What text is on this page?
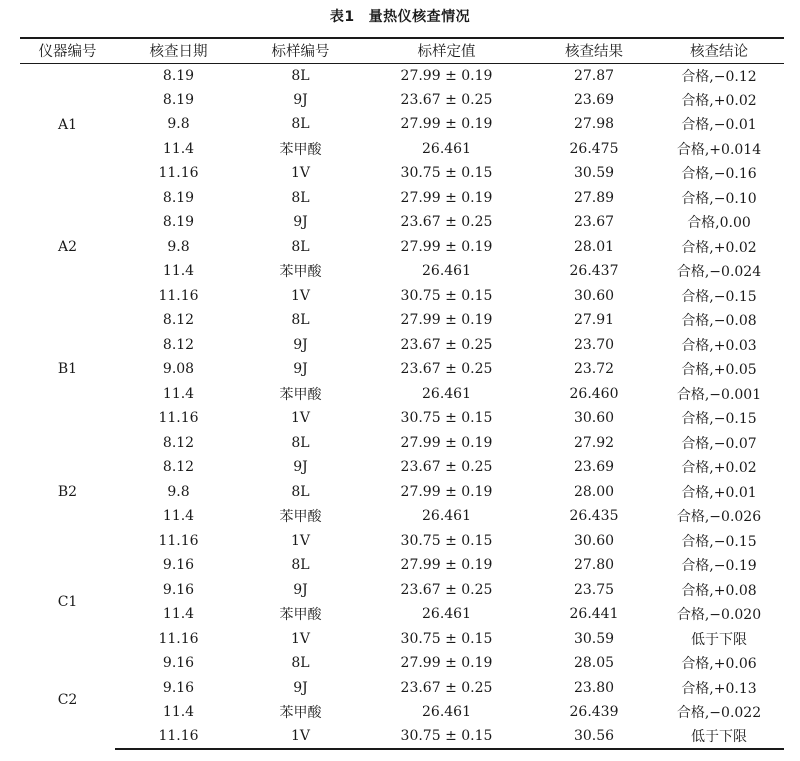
表1 量热仪核查情况
仪器编号	核查日期	标样编号	标样定值	核查结果	核查结论
A1	8.19	8L	27.99 ± 0.19	27.87	合格,−0.12
	8.19	9J	23.67 ± 0.25	23.69	合格,+0.02
	9.8	8L	27.99 ± 0.19	27.98	合格,−0.01
	11.4	苯甲酸	26.461	26.475	合格,+0.014
	11.16	1V	30.75 ± 0.15	30.59	合格,−0.16
A2	8.19	8L	27.99 ± 0.19	27.89	合格,−0.10
	8.19	9J	23.67 ± 0.25	23.67	合格,0.00
	9.8	8L	27.99 ± 0.19	28.01	合格,+0.02
	11.4	苯甲酸	26.461	26.437	合格,−0.024
	11.16	1V	30.75 ± 0.15	30.60	合格,−0.15
B1	8.12	8L	27.99 ± 0.19	27.91	合格,−0.08
	8.12	9J	23.67 ± 0.25	23.70	合格,+0.03
	9.08	9J	23.67 ± 0.25	23.72	合格,+0.05
	11.4	苯甲酸	26.461	26.460	合格,−0.001
	11.16	1V	30.75 ± 0.15	30.60	合格,−0.15
B2	8.12	8L	27.99 ± 0.19	27.92	合格,−0.07
	8.12	9J	23.67 ± 0.25	23.69	合格,+0.02
	9.8	8L	27.99 ± 0.19	28.00	合格,+0.01
	11.4	苯甲酸	26.461	26.435	合格,−0.026
	11.16	1V	30.75 ± 0.15	30.60	合格,−0.15
C1	9.16	8L	27.99 ± 0.19	27.80	合格,−0.19
	9.16	9J	23.67 ± 0.25	23.75	合格,+0.08
	11.4	苯甲酸	26.461	26.441	合格,−0.020
	11.16	1V	30.75 ± 0.15	30.59	低于下限
C2	9.16	8L	27.99 ± 0.19	28.05	合格,+0.06
	9.16	9J	23.67 ± 0.25	23.80	合格,+0.13
	11.4	苯甲酸	26.461	26.439	合格,−0.022
	11.16	1V	30.75 ± 0.15	30.56	低于下限
